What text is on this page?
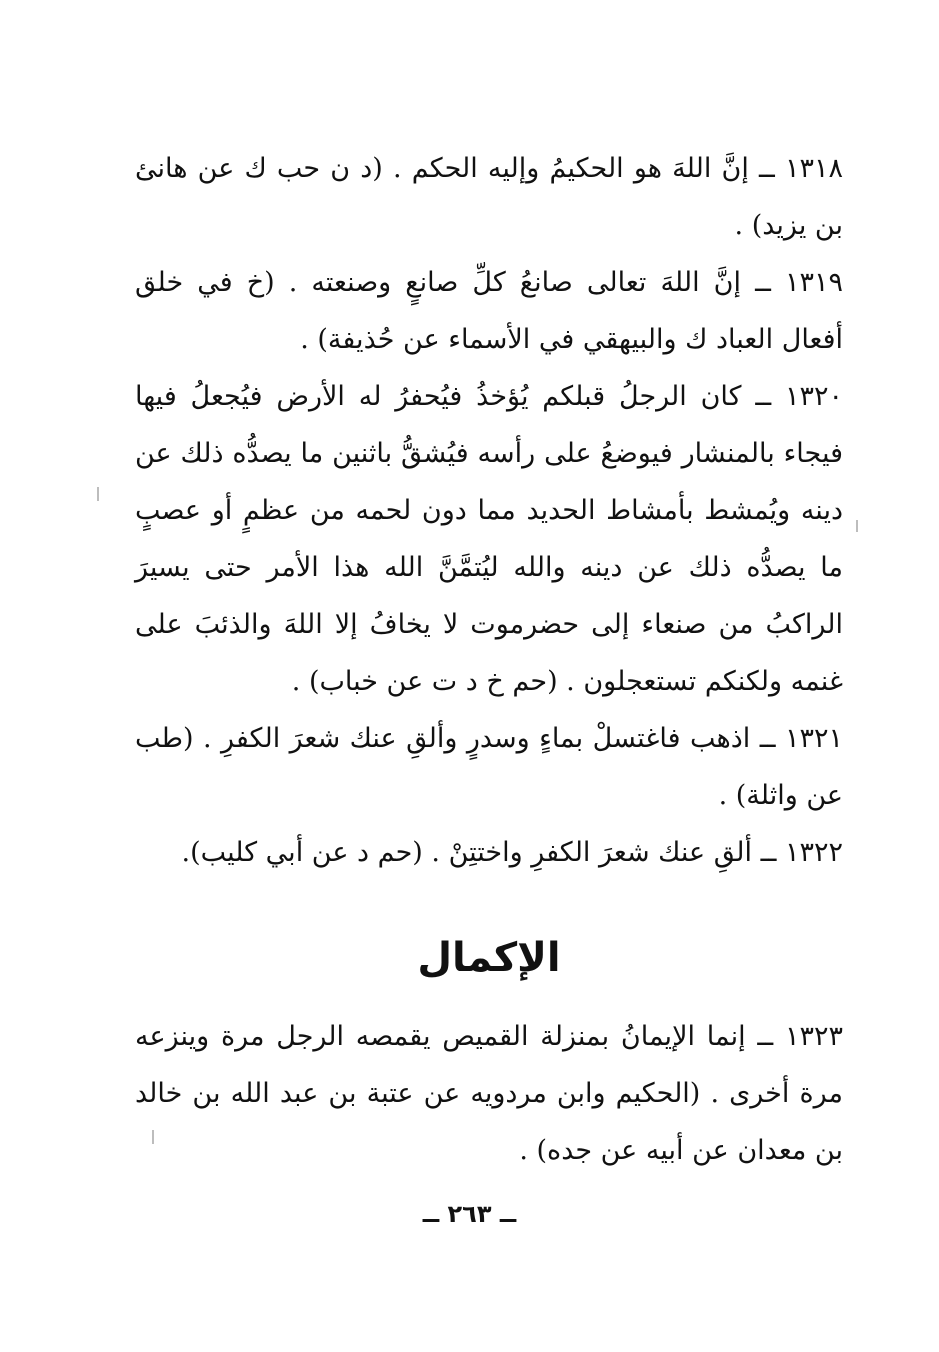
١٣١٨ ــ إنَّ اللهَ هو الحكيمُ وإليه الحكم . (د ن حب ك عن هانئ بن يزيد) .

١٣١٩ ــ إنَّ اللهَ تعالى صانعُ كلِّ صانعٍ وصنعته . (خ في خلق أفعال العباد ك والبيهقي في الأسماء عن حُذيفة) .

١٣٢٠ ــ كان الرجلُ قبلكم يُؤخذُ فيُحفرُ له الأرض فيُجعلُ فيها فيجاء بالمنشار فيوضعُ على رأسه فيُشقُّ باثنين ما يصدُّه ذلك عن دينه ويُمشط بأمشاط الحديد مما دون لحمه من عظمٍ أو عصبٍ ما يصدُّه ذلك عن دينه والله ليُتمَّنَّ الله هذا الأمر حتى يسيرَ الراكبُ من صنعاء إلى حضرموت لا يخافُ إلا اللهَ والذئبَ على غنمه ولكنكم تستعجلون . (حم خ د ت عن خباب) .

١٣٢١ ــ اذهب فاغتسلْ بماءٍ وسدرٍ وألقِ عنك شعرَ الكفرِ . (طب عن واثلة) .

١٣٢٢ ــ ألقِ عنك شعرَ الكفرِ واختتِنْ . (حم د عن أبي كليب).

الإكمال

١٣٢٣ ــ إنما الإيمانُ بمنزلة القميص يقمصه الرجل مرة وينزعه مرة أخرى . (الحكيم وابن مردويه عن عتبة بن عبد الله بن خالد بن معدان عن أبيه عن جده) .

ــ ٢٦٣ ــ
